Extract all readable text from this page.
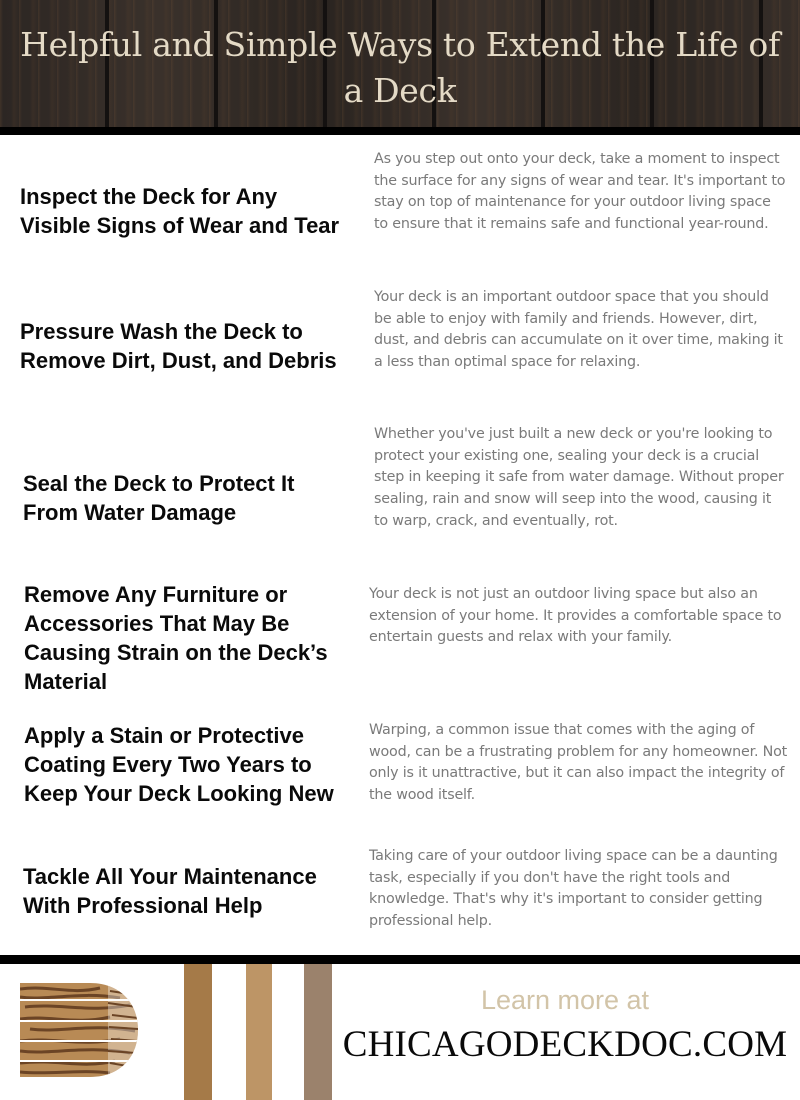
Helpful and Simple Ways to Extend the Life of a Deck
Inspect the Deck for Any Visible Signs of Wear and Tear
As you step out onto your deck, take a moment to inspect the surface for any signs of wear and tear. It's important to stay on top of maintenance for your outdoor living space to ensure that it remains safe and functional year-round.
Pressure Wash the Deck to Remove Dirt, Dust, and Debris
Your deck is an important outdoor space that you should be able to enjoy with family and friends. However, dirt, dust, and debris can accumulate on it over time, making it a less than optimal space for relaxing.
Seal the Deck to Protect It From Water Damage
Whether you've just built a new deck or you're looking to protect your existing one, sealing your deck is a crucial step in keeping it safe from water damage. Without proper sealing, rain and snow will seep into the wood, causing it to warp, crack, and eventually, rot.
Remove Any Furniture or Accessories That May Be Causing Strain on the Deck’s Material
Your deck is not just an outdoor living space but also an extension of your home. It provides a comfortable space to entertain guests and relax with your family.
Apply a Stain or Protective Coating Every Two Years to Keep Your Deck Looking New
Warping, a common issue that comes with the aging of wood, can be a frustrating problem for any homeowner. Not only is it unattractive, but it can also impact the integrity of the wood itself.
Tackle All Your Maintenance With Professional Help
Taking care of your outdoor living space can be a daunting task, especially if you don't have the right tools and knowledge. That's why it's important to consider getting professional help.
Learn more at
CHICAGODECKDOC.COM
